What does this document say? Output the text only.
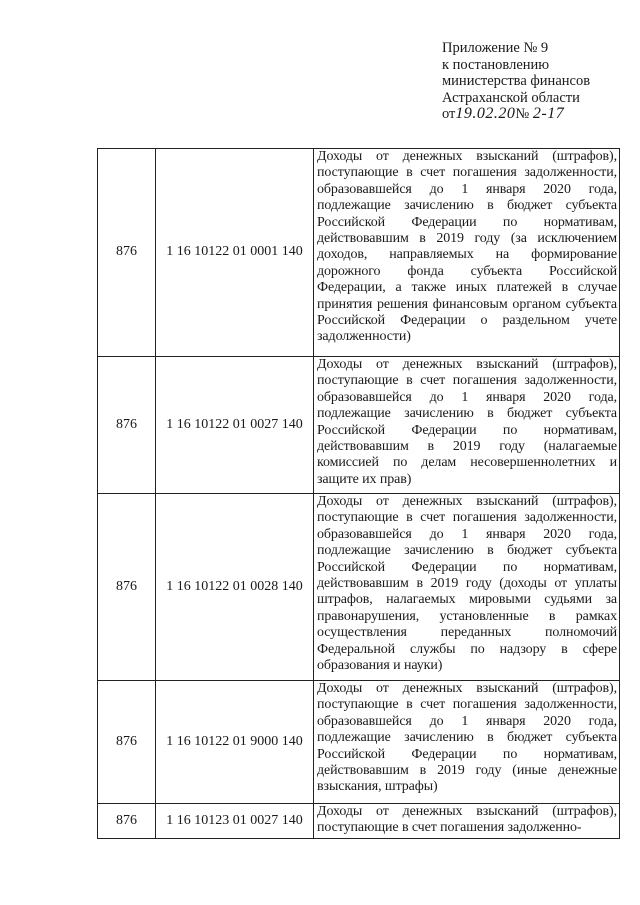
Приложение № 9
к постановлению
министерства финансов
Астраханской области
от19.02.20№ 2-17
876	1 16 10122 01 0001 140	Доходы от денежных взысканий (штрафов), поступающие в счет погашения задолженности, образовавшейся до 1 января 2020 года, подлежащие зачислению в бюджет субъекта Российской Федерации по нормативам, действовавшим в 2019 году (за исключением доходов, направляемых на формирование дорожного фонда субъекта Российской Федерации, а также иных платежей в случае принятия решения финансовым органом субъекта Российской Федерации о раздельном учете задолженности)
876	1 16 10122 01 0027 140	Доходы от денежных взысканий (штрафов), поступающие в счет погашения задолженности, образовавшейся до 1 января 2020 года, подлежащие зачислению в бюджет субъекта Российской Федерации по нормативам, действовавшим в 2019 году (налагаемые комиссией по делам несовершеннолетних и защите их прав)
876	1 16 10122 01 0028 140	Доходы от денежных взысканий (штрафов), поступающие в счет погашения задолженности, образовавшейся до 1 января 2020 года, подлежащие зачислению в бюджет субъекта Российской Федерации по нормативам, действовавшим в 2019 году (доходы от уплаты штрафов, налагаемых мировыми судьями за правонарушения, установленные в рамках осуществления переданных полномочий Федеральной службы по надзору в сфере образования и науки)
876	1 16 10122 01 9000 140	Доходы от денежных взысканий (штрафов), поступающие в счет погашения задолженности, образовавшейся до 1 января 2020 года, подлежащие зачислению в бюджет субъекта Российской Федерации по нормативам, действовавшим в 2019 году (иные денежные взыскания, штрафы)
876	1 16 10123 01 0027 140	Доходы от денежных взысканий (штрафов), поступающие в счет погашения задолженно-
